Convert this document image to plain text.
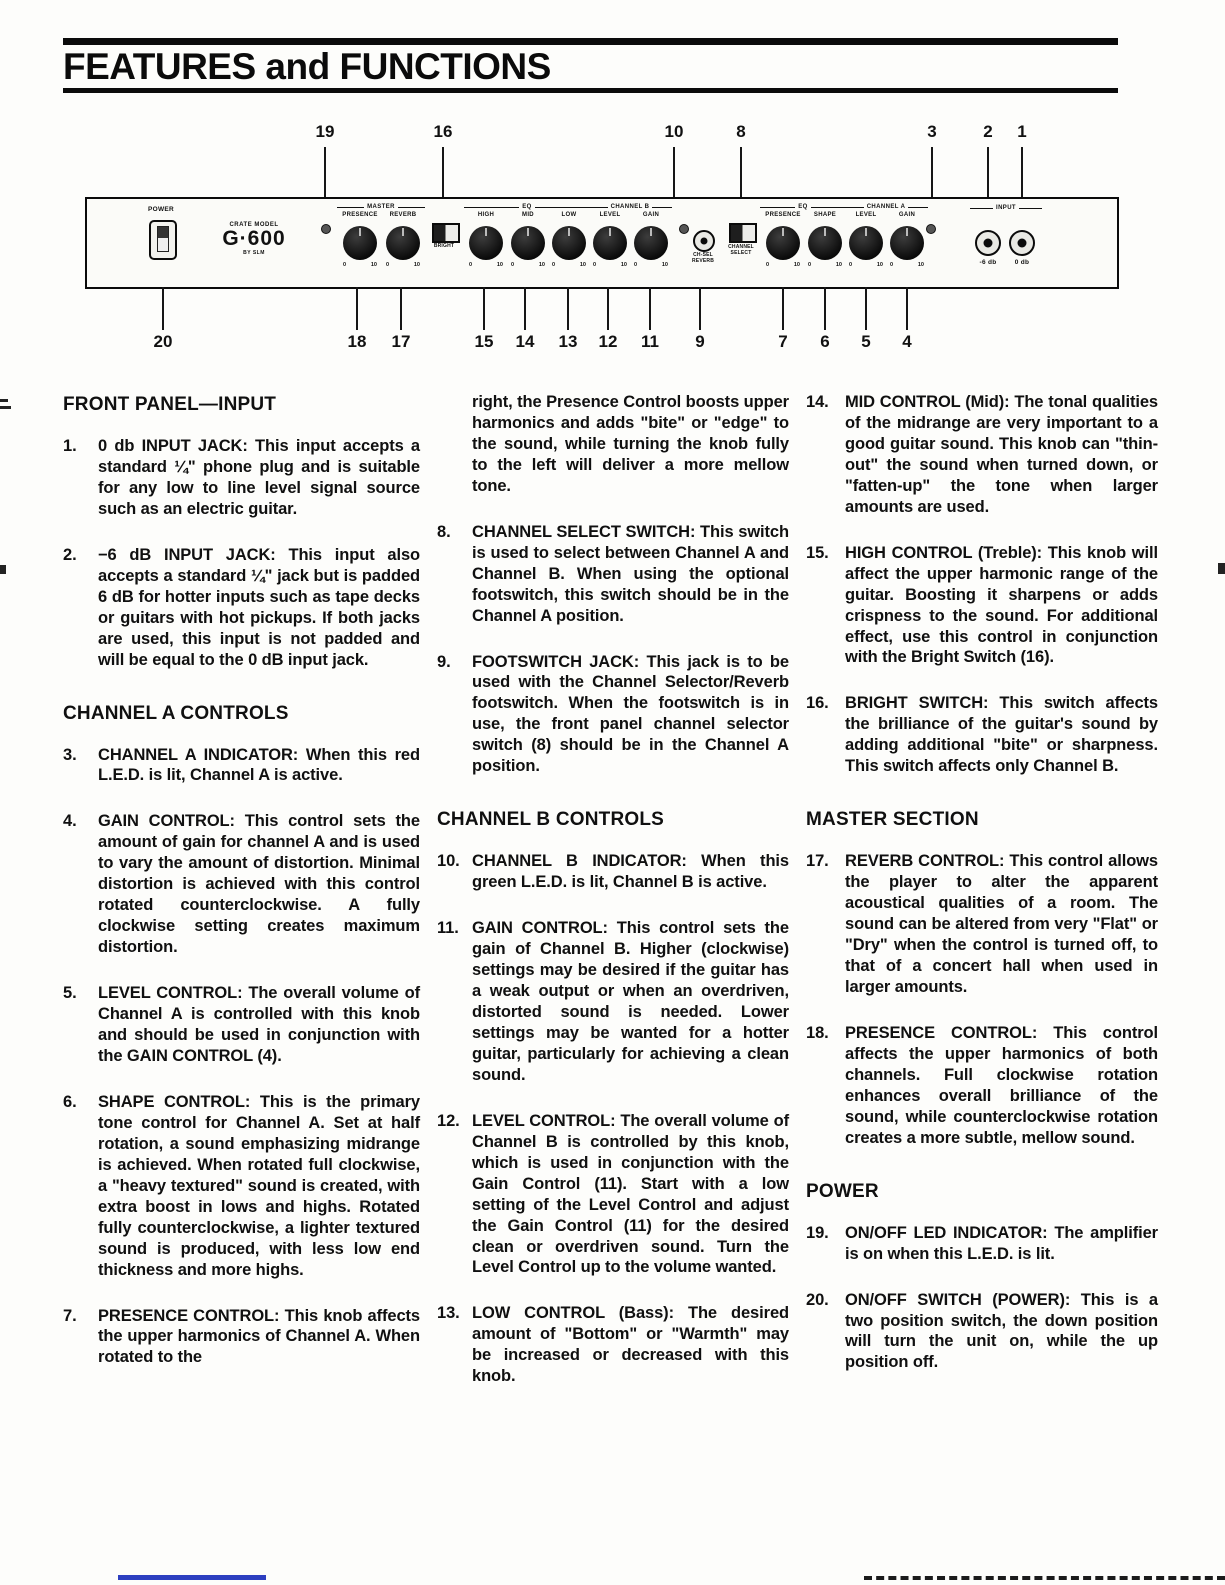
FEATURES and FUNCTIONS
POWER
CRATE MODEL
G·600
BY SLM
BRIGHT
CH-SEL REVERB
CHANNEL SELECT
INPUT
-6 db	0 db
19	16	10	8	3	2 1
20	18 17	15 14 13 12 11 9	7 6 5 4
MASTER
PRESENCE
0	10
REVERB
0	10
EQ
HIGH
0	10
MID
0	10
LOW
0	10
CHANNEL B
LEVEL
0	10
GAIN
0	10
EQ
PRESENCE
0	10
SHAPE
0	10
CHANNEL A
LEVEL
0	10
GAIN
0	10
FRONT PANEL—INPUT
1. 0 db INPUT JACK: This input accepts a standard ¼" phone plug and is suitable for any low to line level signal source such as an electric guitar.
2. −6 dB INPUT JACK: This input also accepts a standard ¼" jack but is padded 6 dB for hotter inputs such as tape decks or guitars with hot pickups. If both jacks are used, this input is not padded and will be equal to the 0 dB input jack.
CHANNEL A CONTROLS
3. CHANNEL A INDICATOR: When this red L.E.D. is lit, Channel A is active.
4. GAIN CONTROL: This control sets the amount of gain for channel A and is used to vary the amount of distortion. Minimal distortion is achieved with this control rotated counterclockwise. A fully clockwise setting creates maximum distortion.
5. LEVEL CONTROL: The overall volume of Channel A is controlled with this knob and should be used in conjunction with the GAIN CONTROL (4).
6. SHAPE CONTROL: This is the primary tone control for Channel A. Set at half rotation, a sound emphasizing midrange is achieved. When rotated full clockwise, a "heavy textured" sound is created, with extra boost in lows and highs. Rotated fully counterclockwise, a lighter textured sound is produced, with less low end thickness and more highs.
7. PRESENCE CONTROL: This knob affects the upper harmonics of Channel A. When rotated to the
right, the Presence Control boosts upper harmonics and adds "bite" or "edge" to the sound, while turning the knob fully to the left will deliver a more mellow tone.
8. CHANNEL SELECT SWITCH: This switch is used to select between Channel A and Channel B. When using the optional footswitch, this switch should be in the Channel A position.
9. FOOTSWITCH JACK: This jack is to be used with the Channel Selector/Reverb footswitch. When the footswitch is in use, the front panel channel selector switch (8) should be in the Channel A position.
CHANNEL B CONTROLS
10. CHANNEL B INDICATOR: When this green L.E.D. is lit, Channel B is active.
11. GAIN CONTROL: This control sets the gain of Channel B. Higher (clockwise) settings may be desired if the guitar has a weak output or when an overdriven, distorted sound is needed. Lower settings may be wanted for a hotter guitar, particularly for achieving a clean sound.
12. LEVEL CONTROL: The overall volume of Channel B is controlled by this knob, which is used in conjunction with the Gain Control (11). Start with a low setting of the Level Control and adjust the Gain Control (11) for the desired clean or overdriven sound. Turn the Level Control up to the volume wanted.
13. LOW CONTROL (Bass): The desired amount of "Bottom" or "Warmth" may be increased or decreased with this knob.
14. MID CONTROL (Mid): The tonal qualities of the midrange are very important to a good guitar sound. This knob can "thin-out" the sound when turned down, or "fatten-up" the tone when larger amounts are used.
15. HIGH CONTROL (Treble): This knob will affect the upper harmonic range of the guitar. Boosting it sharpens or adds crispness to the sound. For additional effect, use this control in conjunction with the Bright Switch (16).
16. BRIGHT SWITCH: This switch affects the brilliance of the guitar's sound by adding additional "bite" or sharpness. This switch affects only Channel B.
MASTER SECTION
17. REVERB CONTROL: This control allows the player to alter the apparent acoustical qualities of a room. The sound can be altered from very "Flat" or "Dry" when the control is turned off, to that of a concert hall when used in larger amounts.
18. PRESENCE CONTROL: This control affects the upper harmonics of both channels. Full clockwise rotation enhances overall brilliance of the sound, while counterclockwise rotation creates a more subtle, mellow sound.
POWER
19. ON/OFF LED INDICATOR: The amplifier is on when this L.E.D. is lit.
20. ON/OFF SWITCH (POWER): This is a two position switch, the down position will turn the unit on, while the up position off.
